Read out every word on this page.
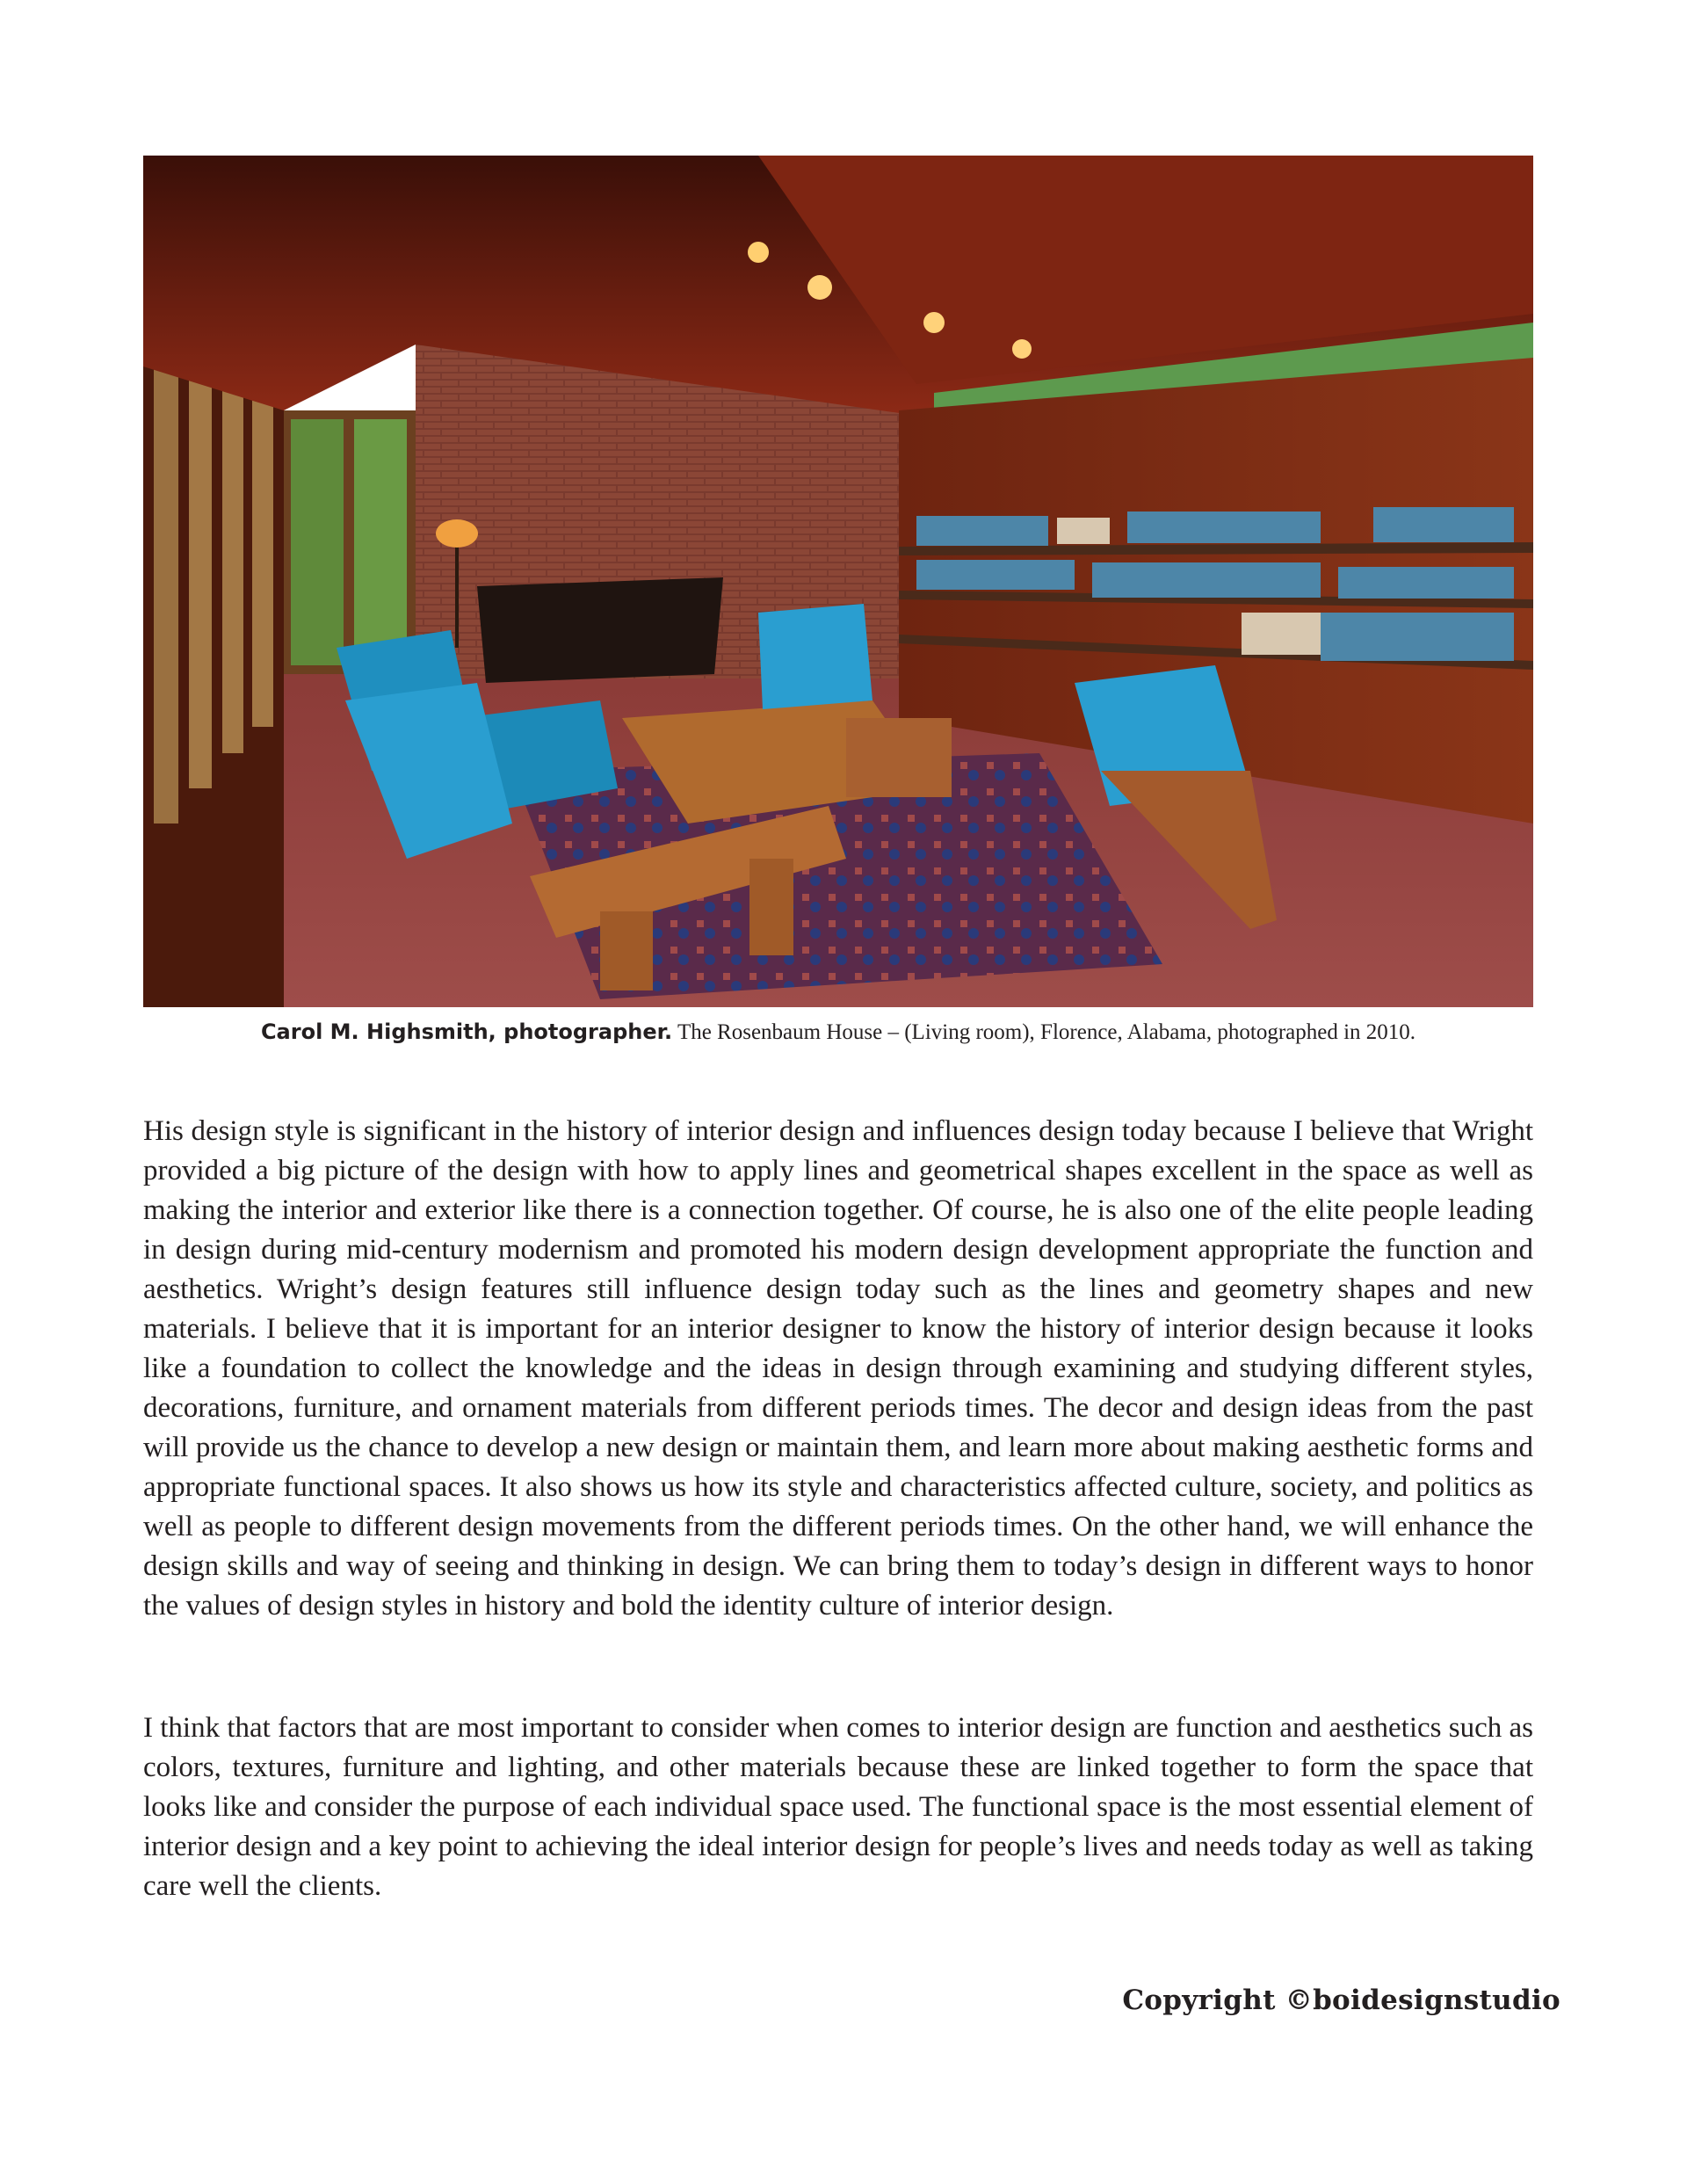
Carol M. Highsmith, photographer. The Rosenbaum House – (Living room), Florence, Alabama, photographed in 2010.
His design style is significant in the history of interior design and influences design today because I believe that Wright provided a big picture of the design with how to apply lines and geometrical shapes excellent in the space as well as making the interior and exterior like there is a connection together. Of course, he is also one of the elite people leading in design during mid-century modernism and promoted his modern design development appropriate the function and aesthetics. Wright’s design features still influence design today such as the lines and geometry shapes and new materials. I believe that it is important for an interior designer to know the history of interior design because it looks like a foundation to collect the knowledge and the ideas in design through examining and studying different styles, decorations, furniture, and ornament materials from different periods times. The decor and design ideas from the past will provide us the chance to develop a new design or maintain them, and learn more about making aesthetic forms and appropriate functional spaces. It also shows us how its style and characteristics affected culture, society, and politics as well as people to different design movements from the different periods times. On the other hand, we will enhance the design skills and way of seeing and thinking in design. We can bring them to today’s design in different ways to honor the values of design styles in history and bold the identity culture of interior design.
I think that factors that are most important to consider when comes to interior design are function and aesthetics such as colors, textures, furniture and lighting, and other materials because these are linked together to form the space that looks like and consider the purpose of each individual space used. The functional space is the most essential element of interior design and a key point to achieving the ideal interior design for people’s lives and needs today as well as taking care well the clients.
Copyright ©boidesignstudio
